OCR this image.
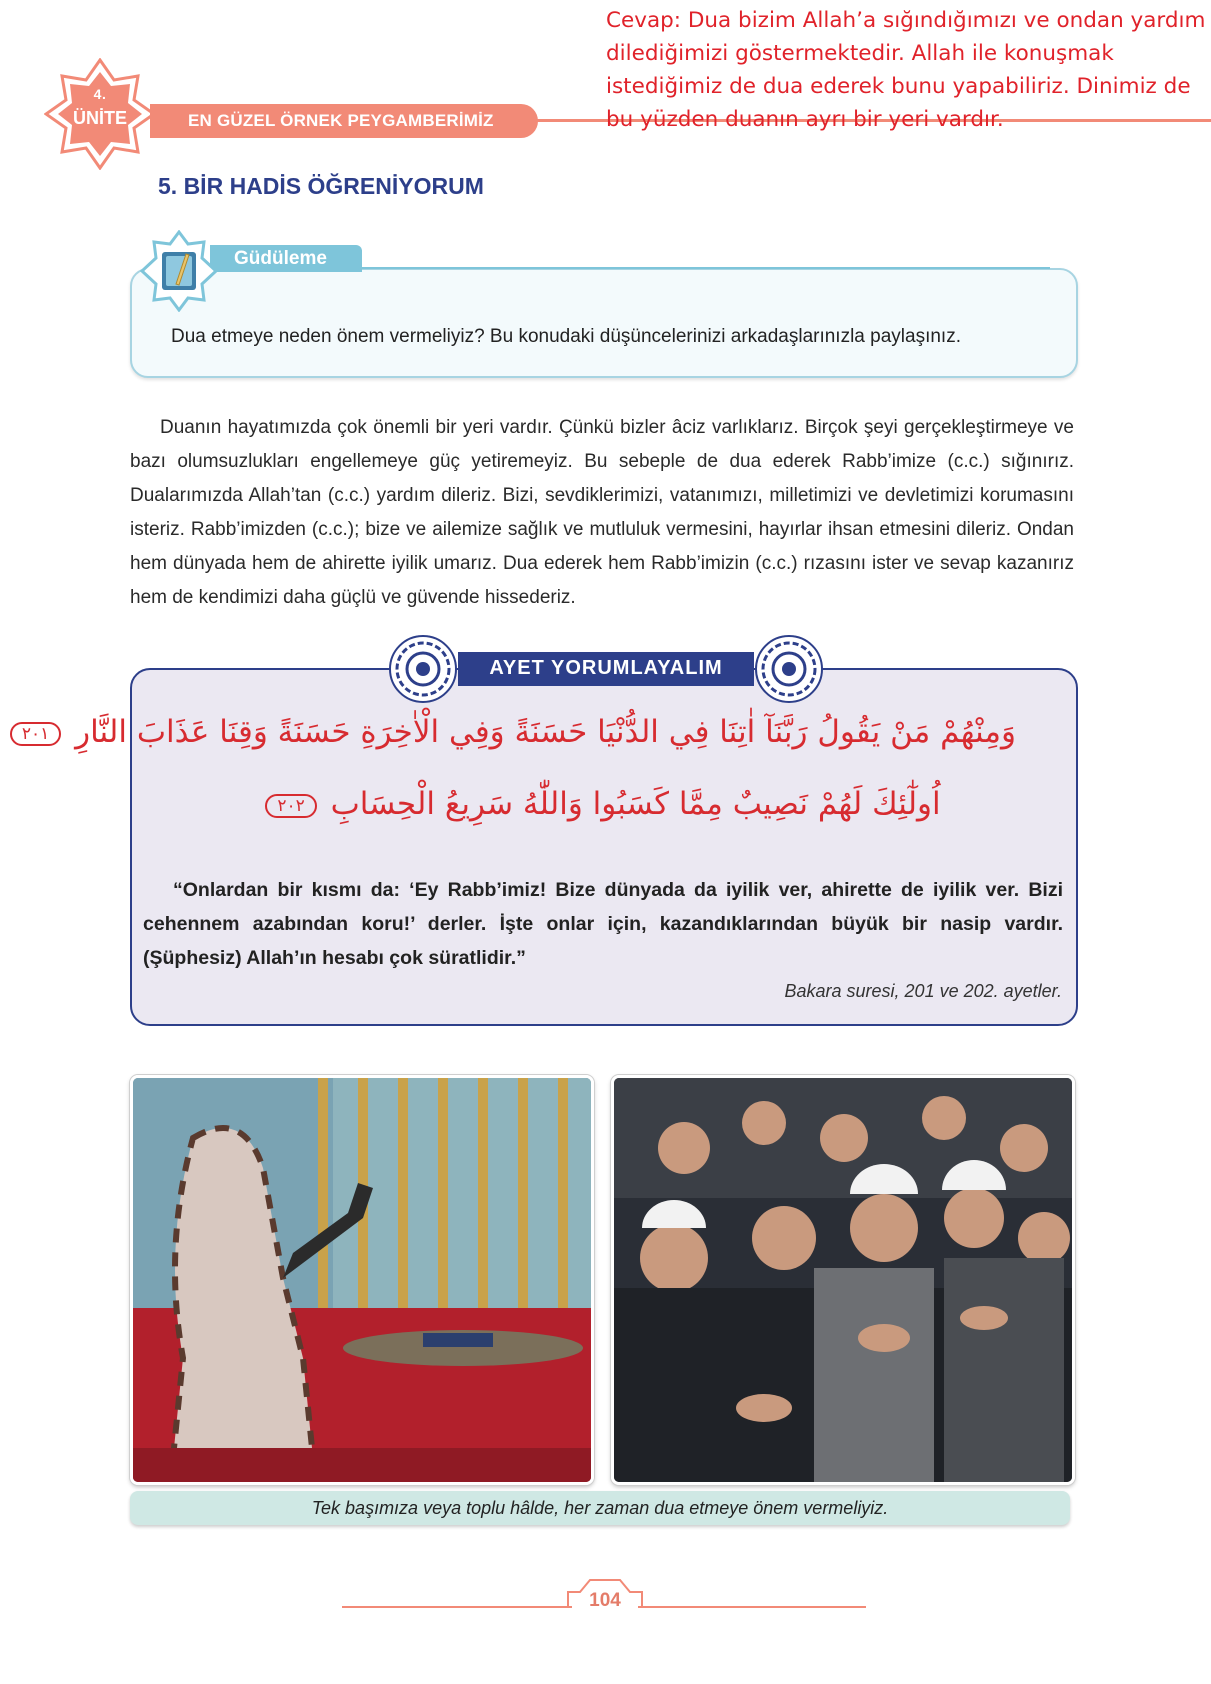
4.
ÜNİTE	EN GÜZEL ÖRNEK PEYGAMBERİMİZ
5. BİR HADİS ÖĞRENİYORUM
Cevap: Dua bizim Allah’a sığındığımızı ve ondan yardım dilediğimizi göstermektedir. Allah ile konuşmak istediğimiz de dua ederek bunu yapabiliriz. Dinimiz de bu yüzden duanın ayrı bir yeri vardır.
Güdüleme
Dua etmeye neden önem vermeliyiz? Bu konudaki düşüncelerinizi arkadaşlarınızla paylaşınız.
Duanın hayatımızda çok önemli bir yeri vardır. Çünkü bizler âciz varlıklarız. Birçok şeyi gerçekleştirmeye ve bazı olumsuzlukları engellemeye güç yetiremeyiz. Bu sebeple de dua ederek Rabb’imize (c.c.) sığınırız. Dualarımızda Allah’tan (c.c.) yardım dileriz. Bizi, sevdiklerimizi, vatanımızı, milletimizi ve devletimizi korumasını isteriz. Rabb’imizden (c.c.); bize ve ailemize sağlık ve mutluluk vermesini, hayırlar ihsan etmesini dileriz. Ondan hem dünyada hem de ahirette iyilik umarız. Dua ederek hem Rabb’imizin (c.c.) rızasını ister ve sevap kazanırız hem de kendimizi daha güçlü ve güvende hissederiz.
AYET YORUMLAYALIM
وَمِنْهُمْ مَنْ يَقُولُ رَبَّنَآ اٰتِنَا فِي الدُّنْيَا حَسَنَةً وَفِي الْاٰخِرَةِ حَسَنَةً وَقِنَا عَذَابَ النَّارِ ٢٠١
اُولٰٓئِكَ لَهُمْ نَصِيبٌ مِمَّا كَسَبُوا وَاللّٰهُ سَرِيعُ الْحِسَابِ ٢٠٢
“Onlardan bir kısmı da: ‘Ey Rabb’imiz! Bize dünyada da iyilik ver, ahirette de iyilik ver. Bizi cehennem azabından koru!’ derler. İşte onlar için, kazandıklarından büyük bir nasip vardır. (Şüphesiz) Allah’ın hesabı çok süratlidir.”
Bakara suresi, 201 ve 202. ayetler.
Tek başımıza veya toplu hâlde, her zaman dua etmeye önem vermeliyiz.
104
